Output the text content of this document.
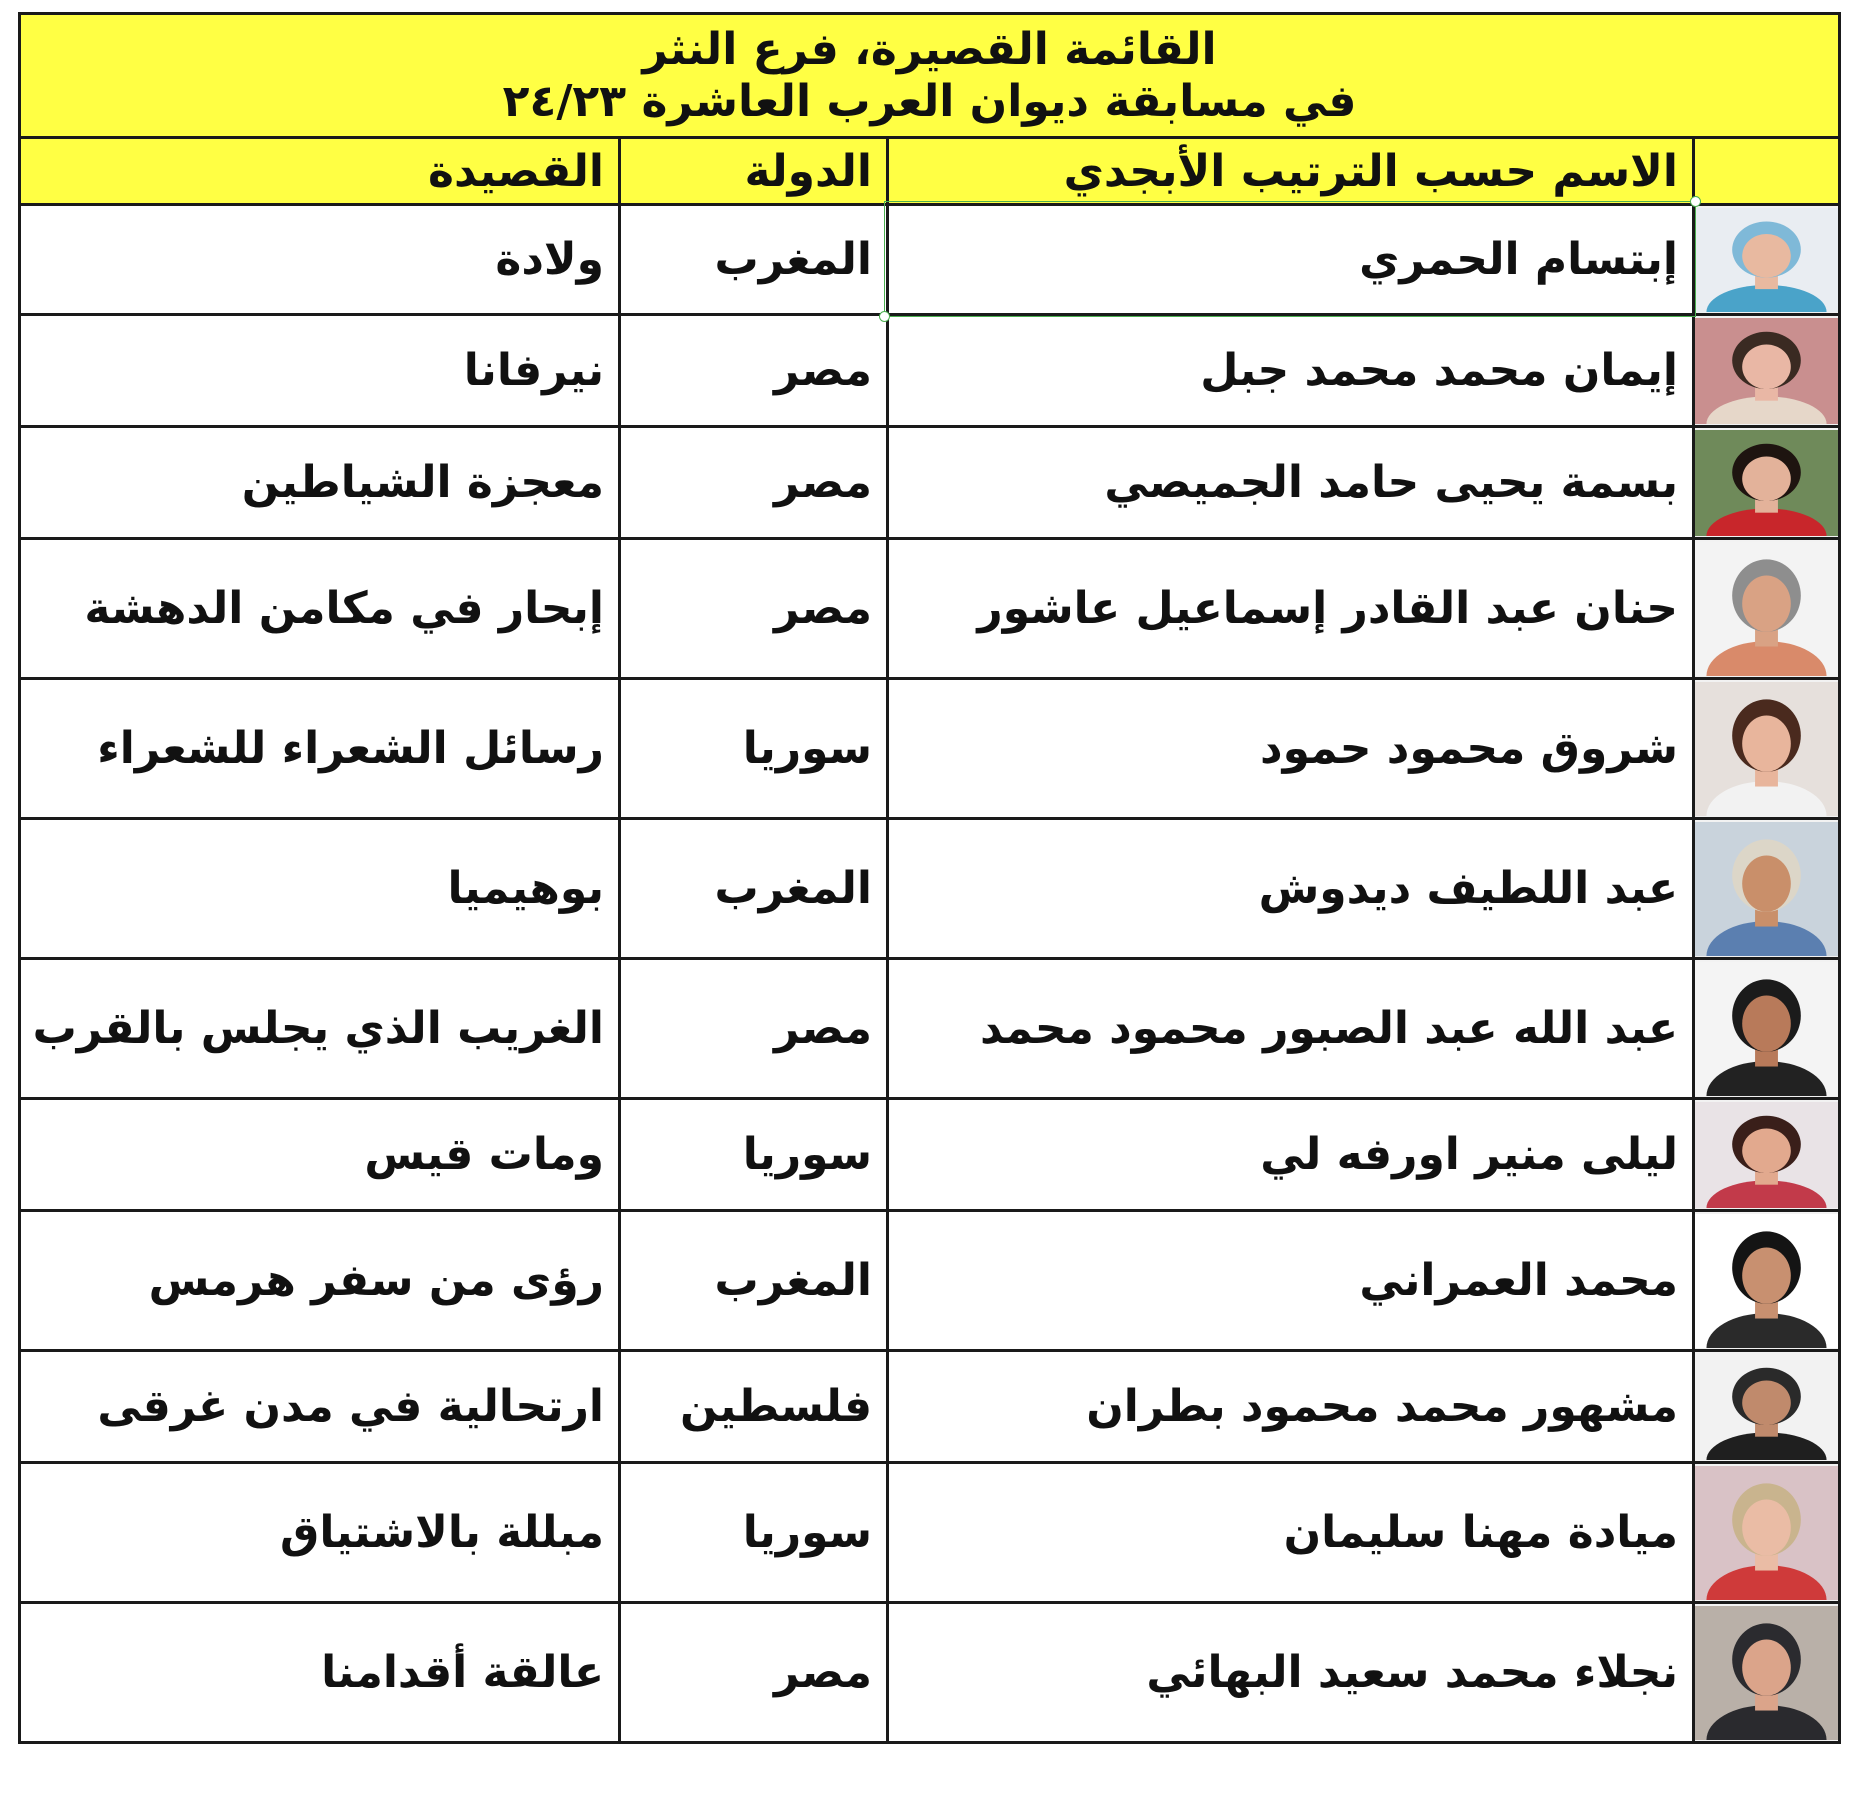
القائمة القصيرة، فرع النثر
في مسابقة ديوان العرب العاشرة ٢٤/٢٣			

	الاسم حسب الترتيب الأبجدي	الدولة	القصيدة

	إبتسام الحمري	المغرب	ولادة

	إيمان محمد محمد جبل	مصر	نيرفانا

	بسمة يحيى حامد الجميصي	مصر	معجزة الشياطين

	حنان عبد القادر إسماعيل عاشور	مصر	إبحار في مكامن الدهشة

	شروق محمود حمود	سوريا	رسائل الشعراء للشعراء

	عبد اللطيف ديدوش	المغرب	بوهيميا

	عبد الله عبد الصبور محمود محمد	مصر	الغريب الذي يجلس بالقرب

	ليلى منير اورفه لي	سوريا	ومات قيس

	محمد العمراني	المغرب	رؤى من سفر هرمس

	مشهور محمد محمود بطران	فلسطين	ارتحالية في مدن غرقى

	ميادة مهنا سليمان	سوريا	مبللة بالاشتياق

	نجلاء محمد سعيد البهائي	مصر	عالقة أقدامنا
